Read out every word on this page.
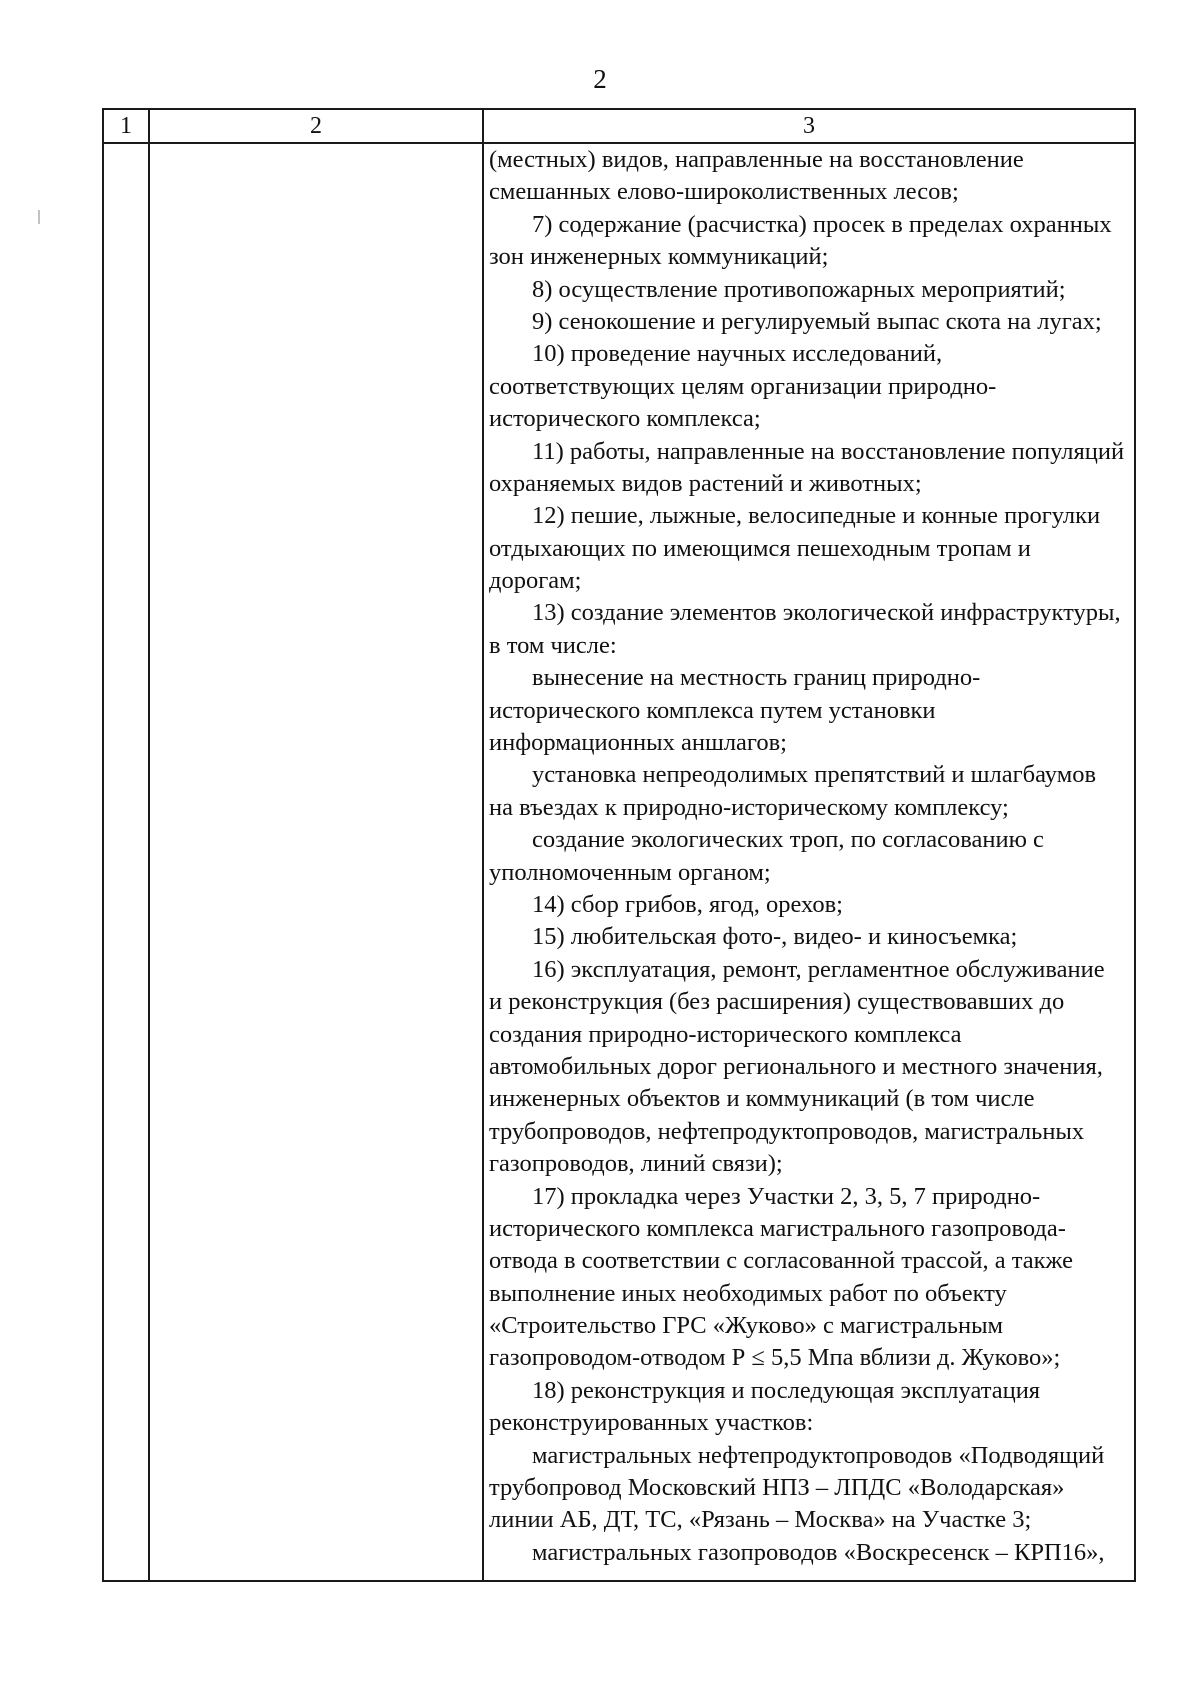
2
1	2	3
(местных) видов, направленные на восстановление
смешанных елово-широколиственных лесов;
7) содержание (расчистка) просек в пределах охранных
зон инженерных коммуникаций;
8) осуществление противопожарных мероприятий;
9) сенокошение и регулируемый выпас скота на лугах;
10) проведение научных исследований,
соответствующих целям организации природно-
исторического комплекса;
11) работы, направленные на восстановление популяций
охраняемых видов растений и животных;
12) пешие, лыжные, велосипедные и конные прогулки
отдыхающих по имеющимся пешеходным тропам и
дорогам;
13) создание элементов экологической инфраструктуры,
в том числе:
вынесение на местность границ природно-
исторического комплекса путем установки
информационных аншлагов;
установка непреодолимых препятствий и шлагбаумов
на въездах к природно-историческому комплексу;
создание экологических троп, по согласованию с
уполномоченным органом;
14) сбор грибов, ягод, орехов;
15) любительская фото-, видео- и киносъемка;
16) эксплуатация, ремонт, регламентное обслуживание
и реконструкция (без расширения) существовавших до
создания природно-исторического комплекса
автомобильных дорог регионального и местного значения,
инженерных объектов и коммуникаций (в том числе
трубопроводов, нефтепродуктопроводов, магистральных
газопроводов, линий связи);
17) прокладка через Участки 2, 3, 5, 7 природно-
исторического комплекса магистрального газопровода-
отвода в соответствии с согласованной трассой, а также
выполнение иных необходимых работ по объекту
«Строительство ГРС «Жуково» с магистральным
газопроводом-отводом Р ≤ 5,5 Мпа вблизи д. Жуково»;
18) реконструкция и последующая эксплуатация
реконструированных участков:
магистральных нефтепродуктопроводов «Подводящий
трубопровод Московский НПЗ – ЛПДС «Володарская»
линии АБ, ДТ, ТС, «Рязань – Москва» на Участке 3;
магистральных газопроводов «Воскресенск – КРП16»,
